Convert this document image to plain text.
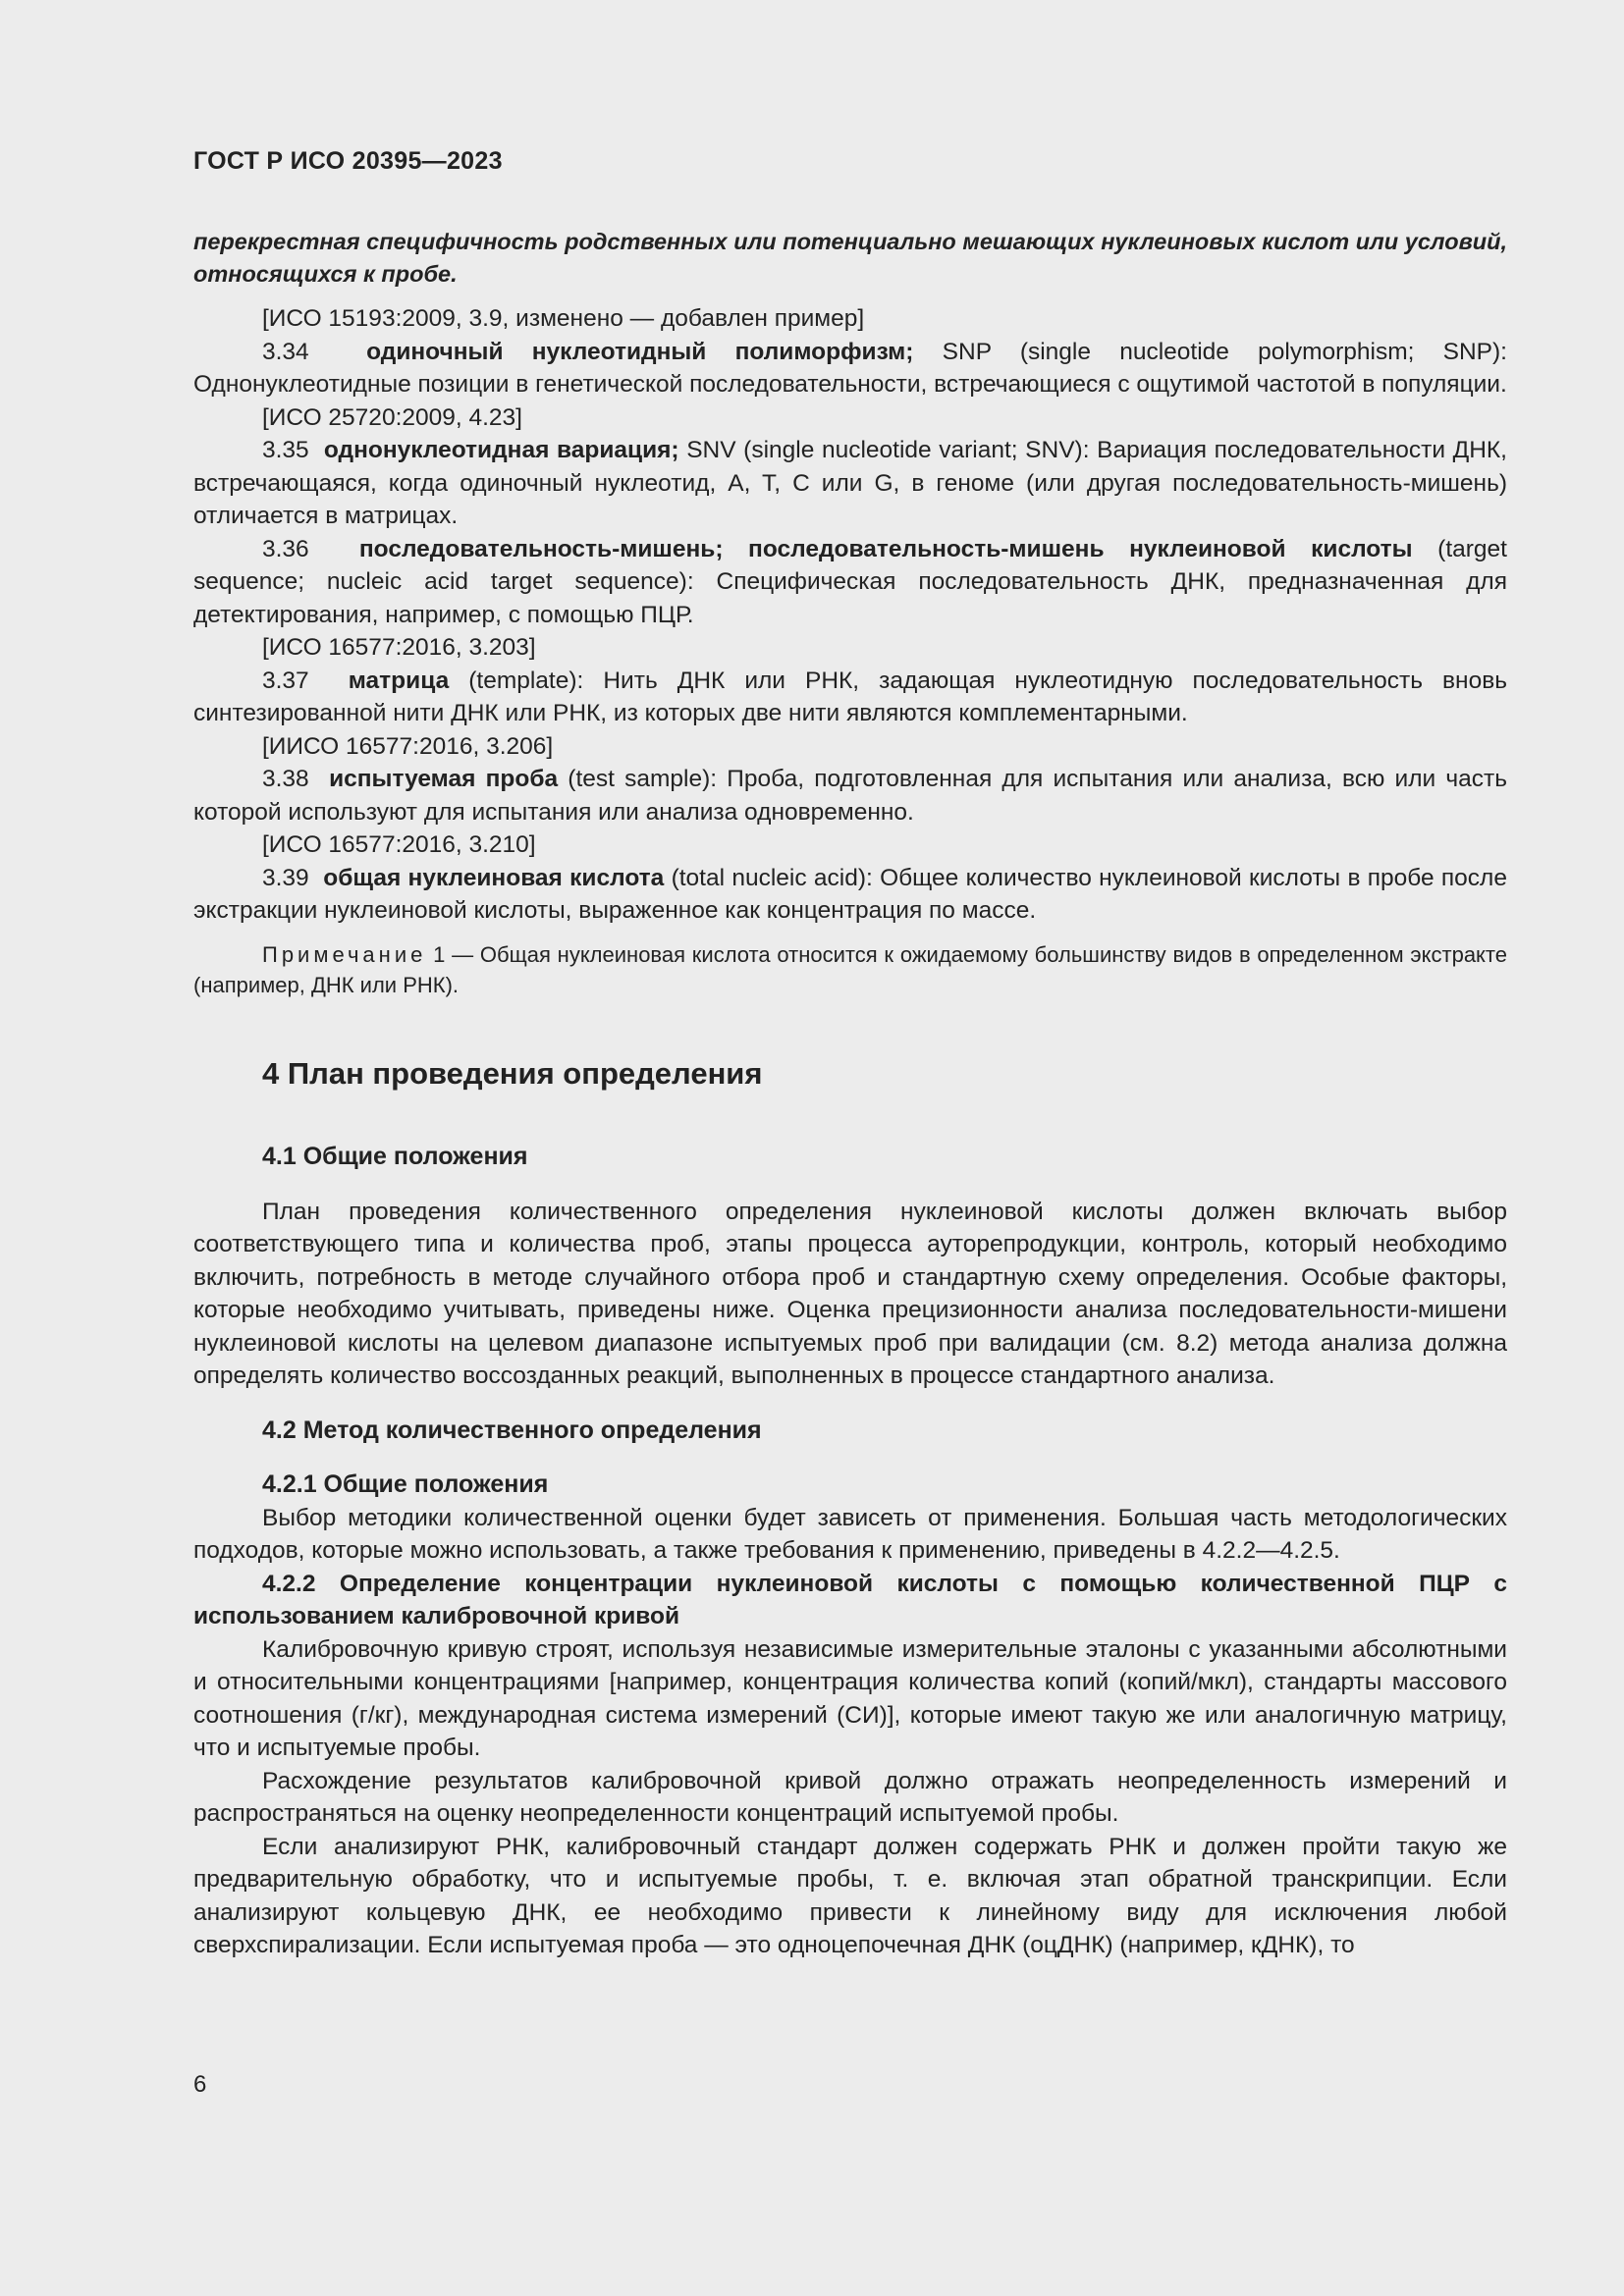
ГОСТ Р ИСО 20395—2023

перекрестная специфичность родственных или потенциально мешающих нуклеиновых кислот или условий, относящихся к пробе.

[ИСО 15193:2009, 3.9, изменено — добавлен пример]

3.34 одиночный нуклеотидный полиморфизм; SNP (single nucleotide polymorphism; SNP): Однонуклеотидные позиции в генетической последовательности, встречающиеся с ощутимой частотой в популяции.

[ИСО 25720:2009, 4.23]

3.35 однонуклеотидная вариация; SNV (single nucleotide variant; SNV): Вариация последовательности ДНК, встречающаяся, когда одиночный нуклеотид, A, T, C или G, в геноме (или другая последовательность-мишень) отличается в матрицах.

3.36 последовательность-мишень; последовательность-мишень нуклеиновой кислоты (target sequence; nucleic acid target sequence): Специфическая последовательность ДНК, предназначенная для детектирования, например, с помощью ПЦР.

[ИСО 16577:2016, 3.203]

3.37 матрица (template): Нить ДНК или РНК, задающая нуклеотидную последовательность вновь синтезированной нити ДНК или РНК, из которых две нити являются комплементарными.

[ИИСО 16577:2016, 3.206]

3.38 испытуемая проба (test sample): Проба, подготовленная для испытания или анализа, всю или часть которой используют для испытания или анализа одновременно.

[ИСО 16577:2016, 3.210]

3.39 общая нуклеиновая кислота (total nucleic acid): Общее количество нуклеиновой кислоты в пробе после экстракции нуклеиновой кислоты, выраженное как концентрация по массе.

Примечание 1 — Общая нуклеиновая кислота относится к ожидаемому большинству видов в определенном экстракте (например, ДНК или РНК).

4 План проведения определения
4.1 Общие положения

План проведения количественного определения нуклеиновой кислоты должен включать выбор соответствующего типа и количества проб, этапы процесса ауторепродукции, контроль, который необходимо включить, потребность в методе случайного отбора проб и стандартную схему определения. Особые факторы, которые необходимо учитывать, приведены ниже. Оценка прецизионности анализа последовательности-мишени нуклеиновой кислоты на целевом диапазоне испытуемых проб при валидации (см. 8.2) метода анализа должна определять количество воссозданных реакций, выполненных в процессе стандартного анализа.

4.2 Метод количественного определения
4.2.1 Общие положения

Выбор методики количественной оценки будет зависеть от применения. Большая часть методологических подходов, которые можно использовать, а также требования к применению, приведены в 4.2.2—4.2.5.

4.2.2 Определение концентрации нуклеиновой кислоты с помощью количественной ПЦР с использованием калибровочной кривой

Калибровочную кривую строят, используя независимые измерительные эталоны с указанными абсолютными и относительными концентрациями [например, концентрация количества копий (копий/мкл), стандарты массового соотношения (г/кг), международная система измерений (СИ)], которые имеют такую же или аналогичную матрицу, что и испытуемые пробы.

Расхождение результатов калибровочной кривой должно отражать неопределенность измерений и распространяться на оценку неопределенности концентраций испытуемой пробы.

Если анализируют РНК, калибровочный стандарт должен содержать РНК и должен пройти такую же предварительную обработку, что и испытуемые пробы, т. е. включая этап обратной транскрипции. Если анализируют кольцевую ДНК, ее необходимо привести к линейному виду для исключения любой сверхспирализации. Если испытуемая проба — это одноцепочечная ДНК (оцДНК) (например, кДНК), то

6
